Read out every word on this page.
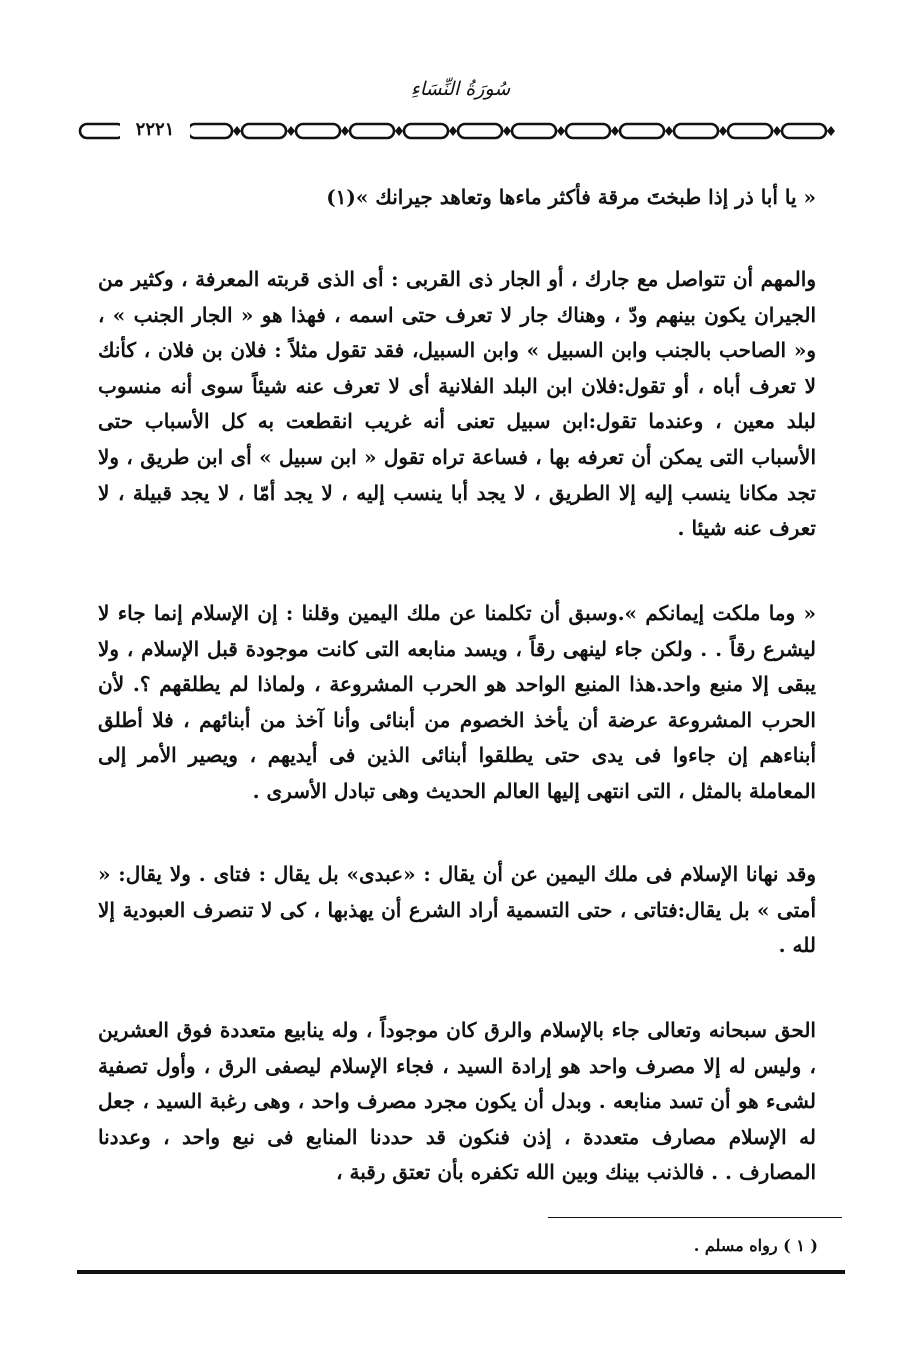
سُورَةُ النِّسَاءِ
٢٢٢١
« يا أبا ذر إذا طبختَ مرقة فأكثر ماءها وتعاهد جيرانك »(١)
والمهم أن تتواصل مع جارك ، أو الجار ذى القربى : أى الذى قربته المعرفة ، وكثير من الجيران يكون بينهم ودّ ، وهناك جار لا تعرف حتى اسمه ، فهذا هو « الجار الجنب » ، و« الصاحب بالجنب وابن السبيل » وابن السبيل، فقد تقول مثلاً : فلان بن فلان ، كأنك لا تعرف أباه ، أو تقول:فلان ابن البلد الفلانية أى لا تعرف عنه شيئاً سوى أنه منسوب لبلد معين ، وعندما تقول:ابن سبيل تعنى أنه غريب انقطعت به كل الأسباب حتى الأسباب التى يمكن أن تعرفه بها ، فساعة تراه تقول « ابن سبيل » أى ابن طريق ، ولا تجد مكانا ينسب إليه إلا الطريق ، لا يجد أبا ينسب إليه ، لا يجد أمّا ، لا يجد قبيلة ، لا تعرف عنه شيئا .
« وما ملكت إيمانكم ».وسبق أن تكلمنا عن ملك اليمين وقلنا : إن الإسلام إنما جاء لا ليشرع رقاً . . ولكن جاء لينهى رقاً ، ويسد منابعه التى كانت موجودة قبل الإسلام ، ولا يبقى إلا منبع واحد.هذا المنبع الواحد هو الحرب المشروعة ، ولماذا لم يطلقهم ؟. لأن الحرب المشروعة عرضة أن يأخذ الخصوم من أبنائى وأنا آخذ من أبنائهم ، فلا أطلق أبناءهم إن جاءوا فى يدى حتى يطلقوا أبنائى الذين فى أيديهم ، ويصير الأمر إلى المعاملة بالمثل ، التى انتهى إليها العالم الحديث وهى تبادل الأسرى .
وقد نهانا الإسلام فى ملك اليمين عن أن يقال : «عبدى» بل يقال : فتاى . ولا يقال: « أمتى » بل يقال:فتاتى ، حتى التسمية أراد الشرع أن يهذبها ، كى لا تنصرف العبودية إلا لله .
الحق سبحانه وتعالى جاء بالإسلام والرق كان موجوداً ، وله ينابيع متعددة فوق العشرين ، وليس له إلا مصرف واحد هو إرادة السيد ، فجاء الإسلام ليصفى الرق ، وأول تصفية لشىء هو أن تسد منابعه . وبدل أن يكون مجرد مصرف واحد ، وهى رغبة السيد ، جعل له الإسلام مصارف متعددة ، إذن فنكون قد حددنا المنابع فى نبع واحد ، وعددنا المصارف . . فالذنب بينك وبين الله تكفره بأن تعتق رقبة ،
( ١ ) رواه مسلم .
